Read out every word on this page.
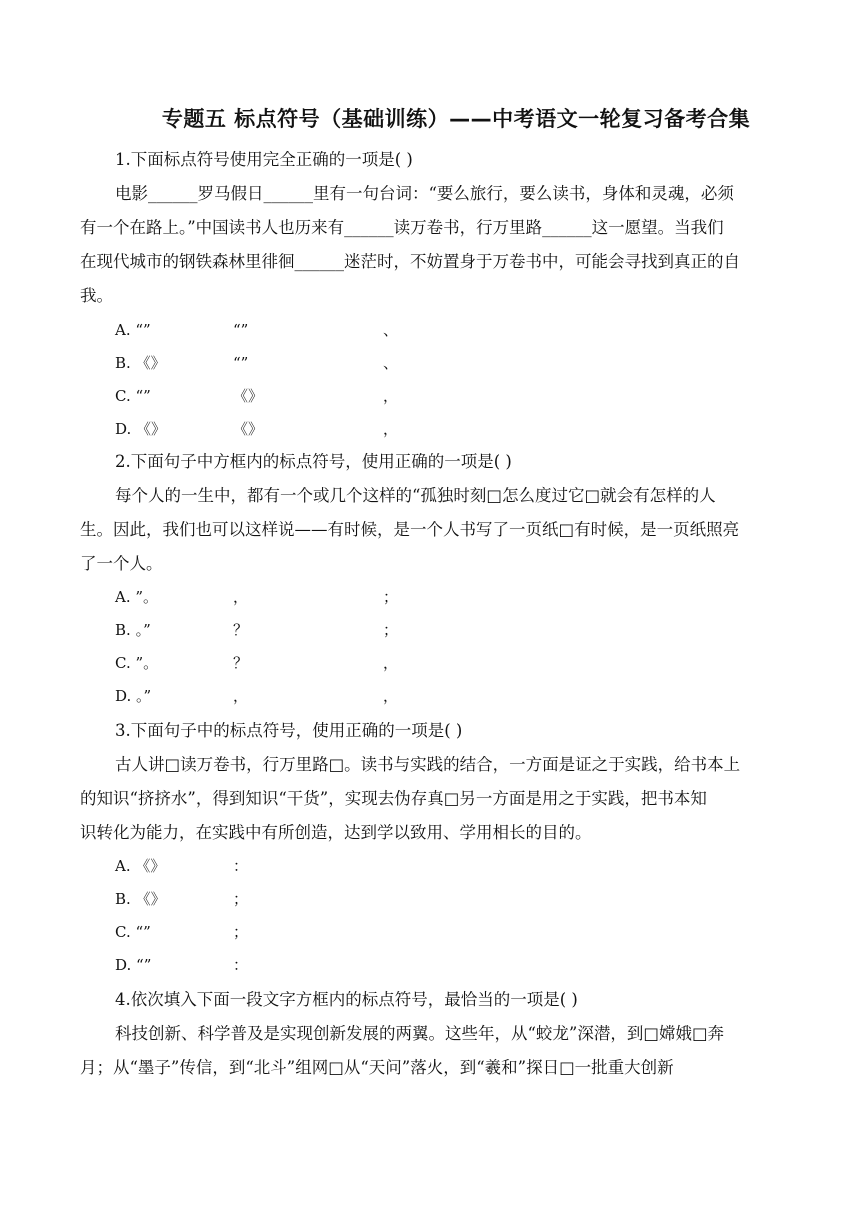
专题五 标点符号（基础训练）——中考语文一轮复习备考合集
1.下面标点符号使用完全正确的一项是( )
电影______罗马假日______里有一句台词：“要么旅行，要么读书，身体和灵魂，必须
有一个在路上。”中国读书人也历来有______读万卷书，行万里路______这一愿望。当我们
在现代城市的钢铁森林里徘徊______迷茫时，不妨置身于万卷书中，可能会寻找到真正的自
我。
A. “”	“”	、
B. 《》	“”	、
C. “”	《》	，
D. 《》	《》	，
2.下面句子中方框内的标点符号，使用正确的一项是( )
每个人的一生中，都有一个或几个这样的“孤独时刻□怎么度过它□就会有怎样的人
生。因此，我们也可以这样说——有时候，是一个人书写了一页纸□有时候，是一页纸照亮
了一个人。
A. ”。	，	；
B. 。”	？	；
C. ”。	？	，
D. 。”	，	，
3.下面句子中的标点符号，使用正确的一项是( )
古人讲□读万卷书，行万里路□。读书与实践的结合，一方面是证之于实践，给书本上
的知识“挤挤水”，得到知识“干货”，实现去伪存真□另一方面是用之于实践，把书本知
识转化为能力，在实践中有所创造，达到学以致用、学用相长的目的。
A. 《》	：
B. 《》	；
C. “”	；
D. “”	：
4.依次填入下面一段文字方框内的标点符号，最恰当的一项是( )
科技创新、科学普及是实现创新发展的两翼。这些年，从“蛟龙”深潜，到□嫦娥□奔
月；从“墨子”传信，到“北斗”组网□从“天问”落火，到“羲和”探日□一批重大创新
